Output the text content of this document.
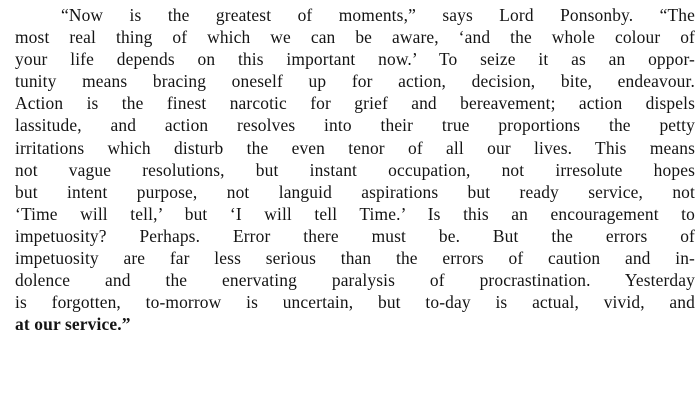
“Now is the greatest of moments,” says Lord Ponsonby. “The
most real thing of which we can be aware, ‘and the whole colour of
your life depends on this important now.’ To seize it as an oppor-
tunity means bracing oneself up for action, decision, bite, endeavour.
Action is the finest narcotic for grief and bereavement; action dispels
lassitude, and action resolves into their true proportions the petty
irritations which disturb the even tenor of all our lives. This means
not vague resolutions, but instant occupation, not irresolute hopes
but intent purpose, not languid aspirations but ready service, not
‘Time will tell,’ but ‘I will tell Time.’ Is this an encouragement to
impetuosity? Perhaps. Error there must be. But the errors of
impetuosity are far less serious than the errors of caution and in-
dolence and the enervating paralysis of procrastination. Yesterday
is forgotten, to-morrow is uncertain, but to-day is actual, vivid, and
at our service.”
